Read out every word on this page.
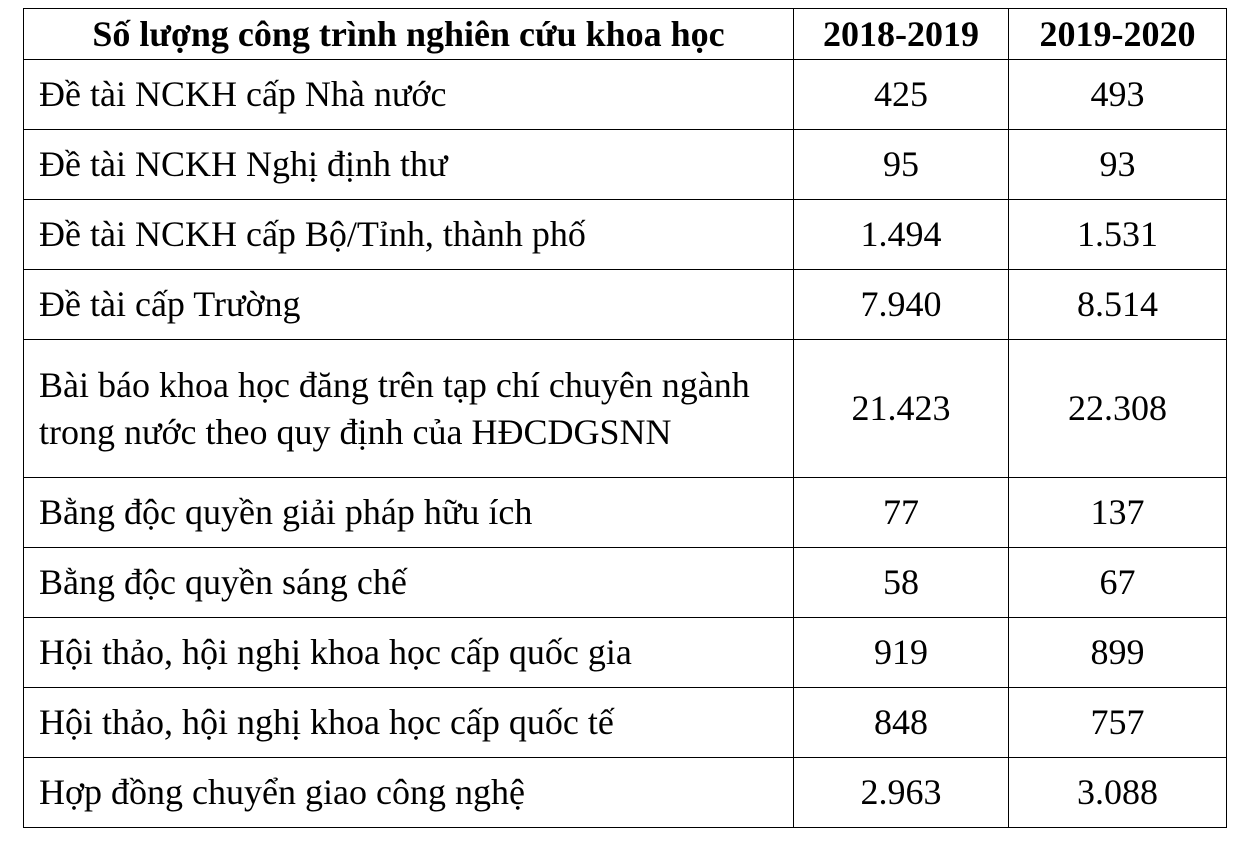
Số lượng công trình nghiên cứu khoa học	2018-2019	2019-2020
Đề tài NCKH cấp Nhà nước	425	493
Đề tài NCKH Nghị định thư	95	93
Đề tài NCKH cấp Bộ/Tỉnh, thành phố	1.494	1.531
Đề tài cấp Trường	7.940	8.514
Bài báo khoa học đăng trên tạp chí chuyên ngành trong nước theo quy định của HĐCDGSNN	21.423	22.308
Bằng độc quyền giải pháp hữu ích	77	137
Bằng độc quyền sáng chế	58	67
Hội thảo, hội nghị khoa học cấp quốc gia	919	899
Hội thảo, hội nghị khoa học cấp quốc tế	848	757
Hợp đồng chuyển giao công nghệ	2.963	3.088
